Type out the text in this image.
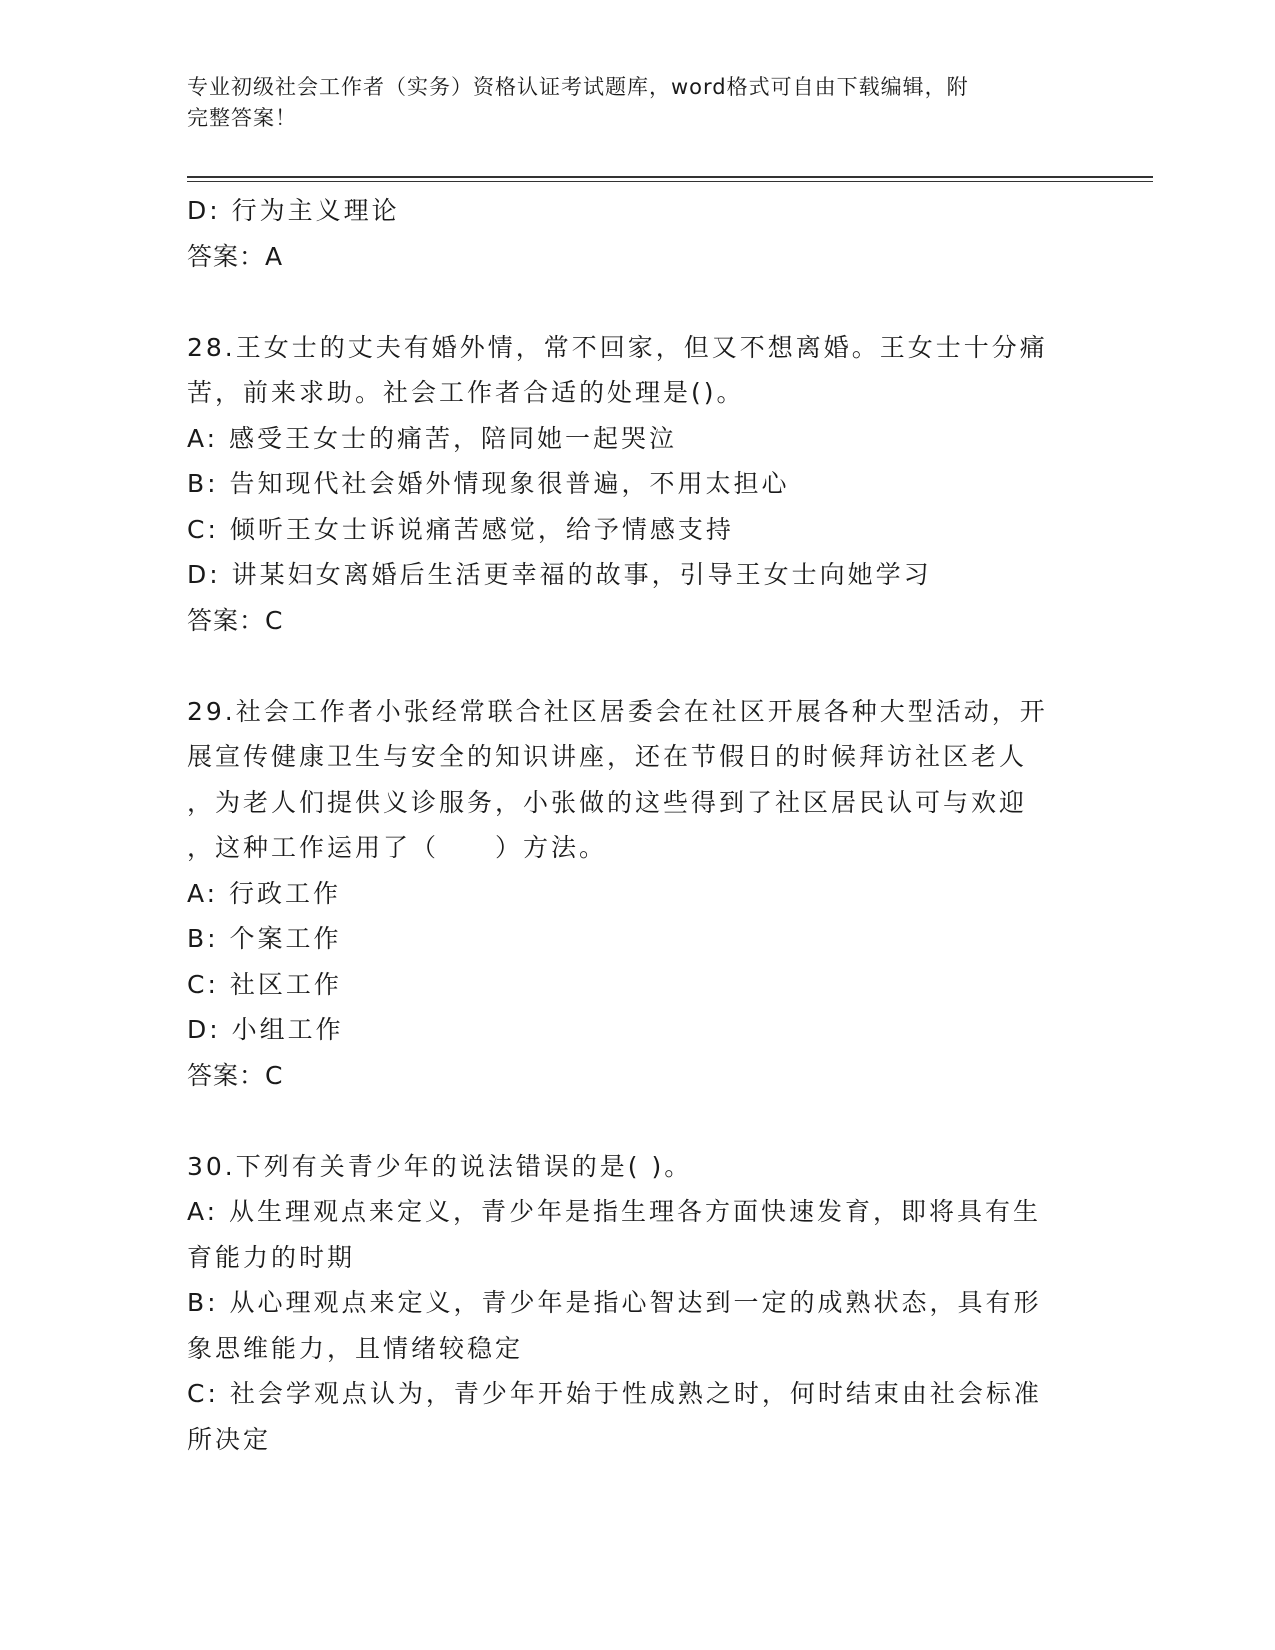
专业初级社会工作者（实务）资格认证考试题库，word格式可自由下载编辑，附
完整答案！
D: 行为主义理论
答案：A
28.王女士的丈夫有婚外情，常不回家，但又不想离婚。王女士十分痛
苦，前来求助。社会工作者合适的处理是()。
A: 感受王女士的痛苦，陪同她一起哭泣
B: 告知现代社会婚外情现象很普遍，不用太担心
C: 倾听王女士诉说痛苦感觉，给予情感支持
D: 讲某妇女离婚后生活更幸福的故事，引导王女士向她学习
答案：C
29.社会工作者小张经常联合社区居委会在社区开展各种大型活动，开
展宣传健康卫生与安全的知识讲座，还在节假日的时候拜访社区老人
，为老人们提供义诊服务，小张做的这些得到了社区居民认可与欢迎
，这种工作运用了（　　）方法。
A: 行政工作
B: 个案工作
C: 社区工作
D: 小组工作
答案：C
30.下列有关青少年的说法错误的是( )。
A: 从生理观点来定义，青少年是指生理各方面快速发育，即将具有生
育能力的时期
B: 从心理观点来定义，青少年是指心智达到一定的成熟状态，具有形
象思维能力，且情绪较稳定
C: 社会学观点认为，青少年开始于性成熟之时，何时结束由社会标准
所决定
